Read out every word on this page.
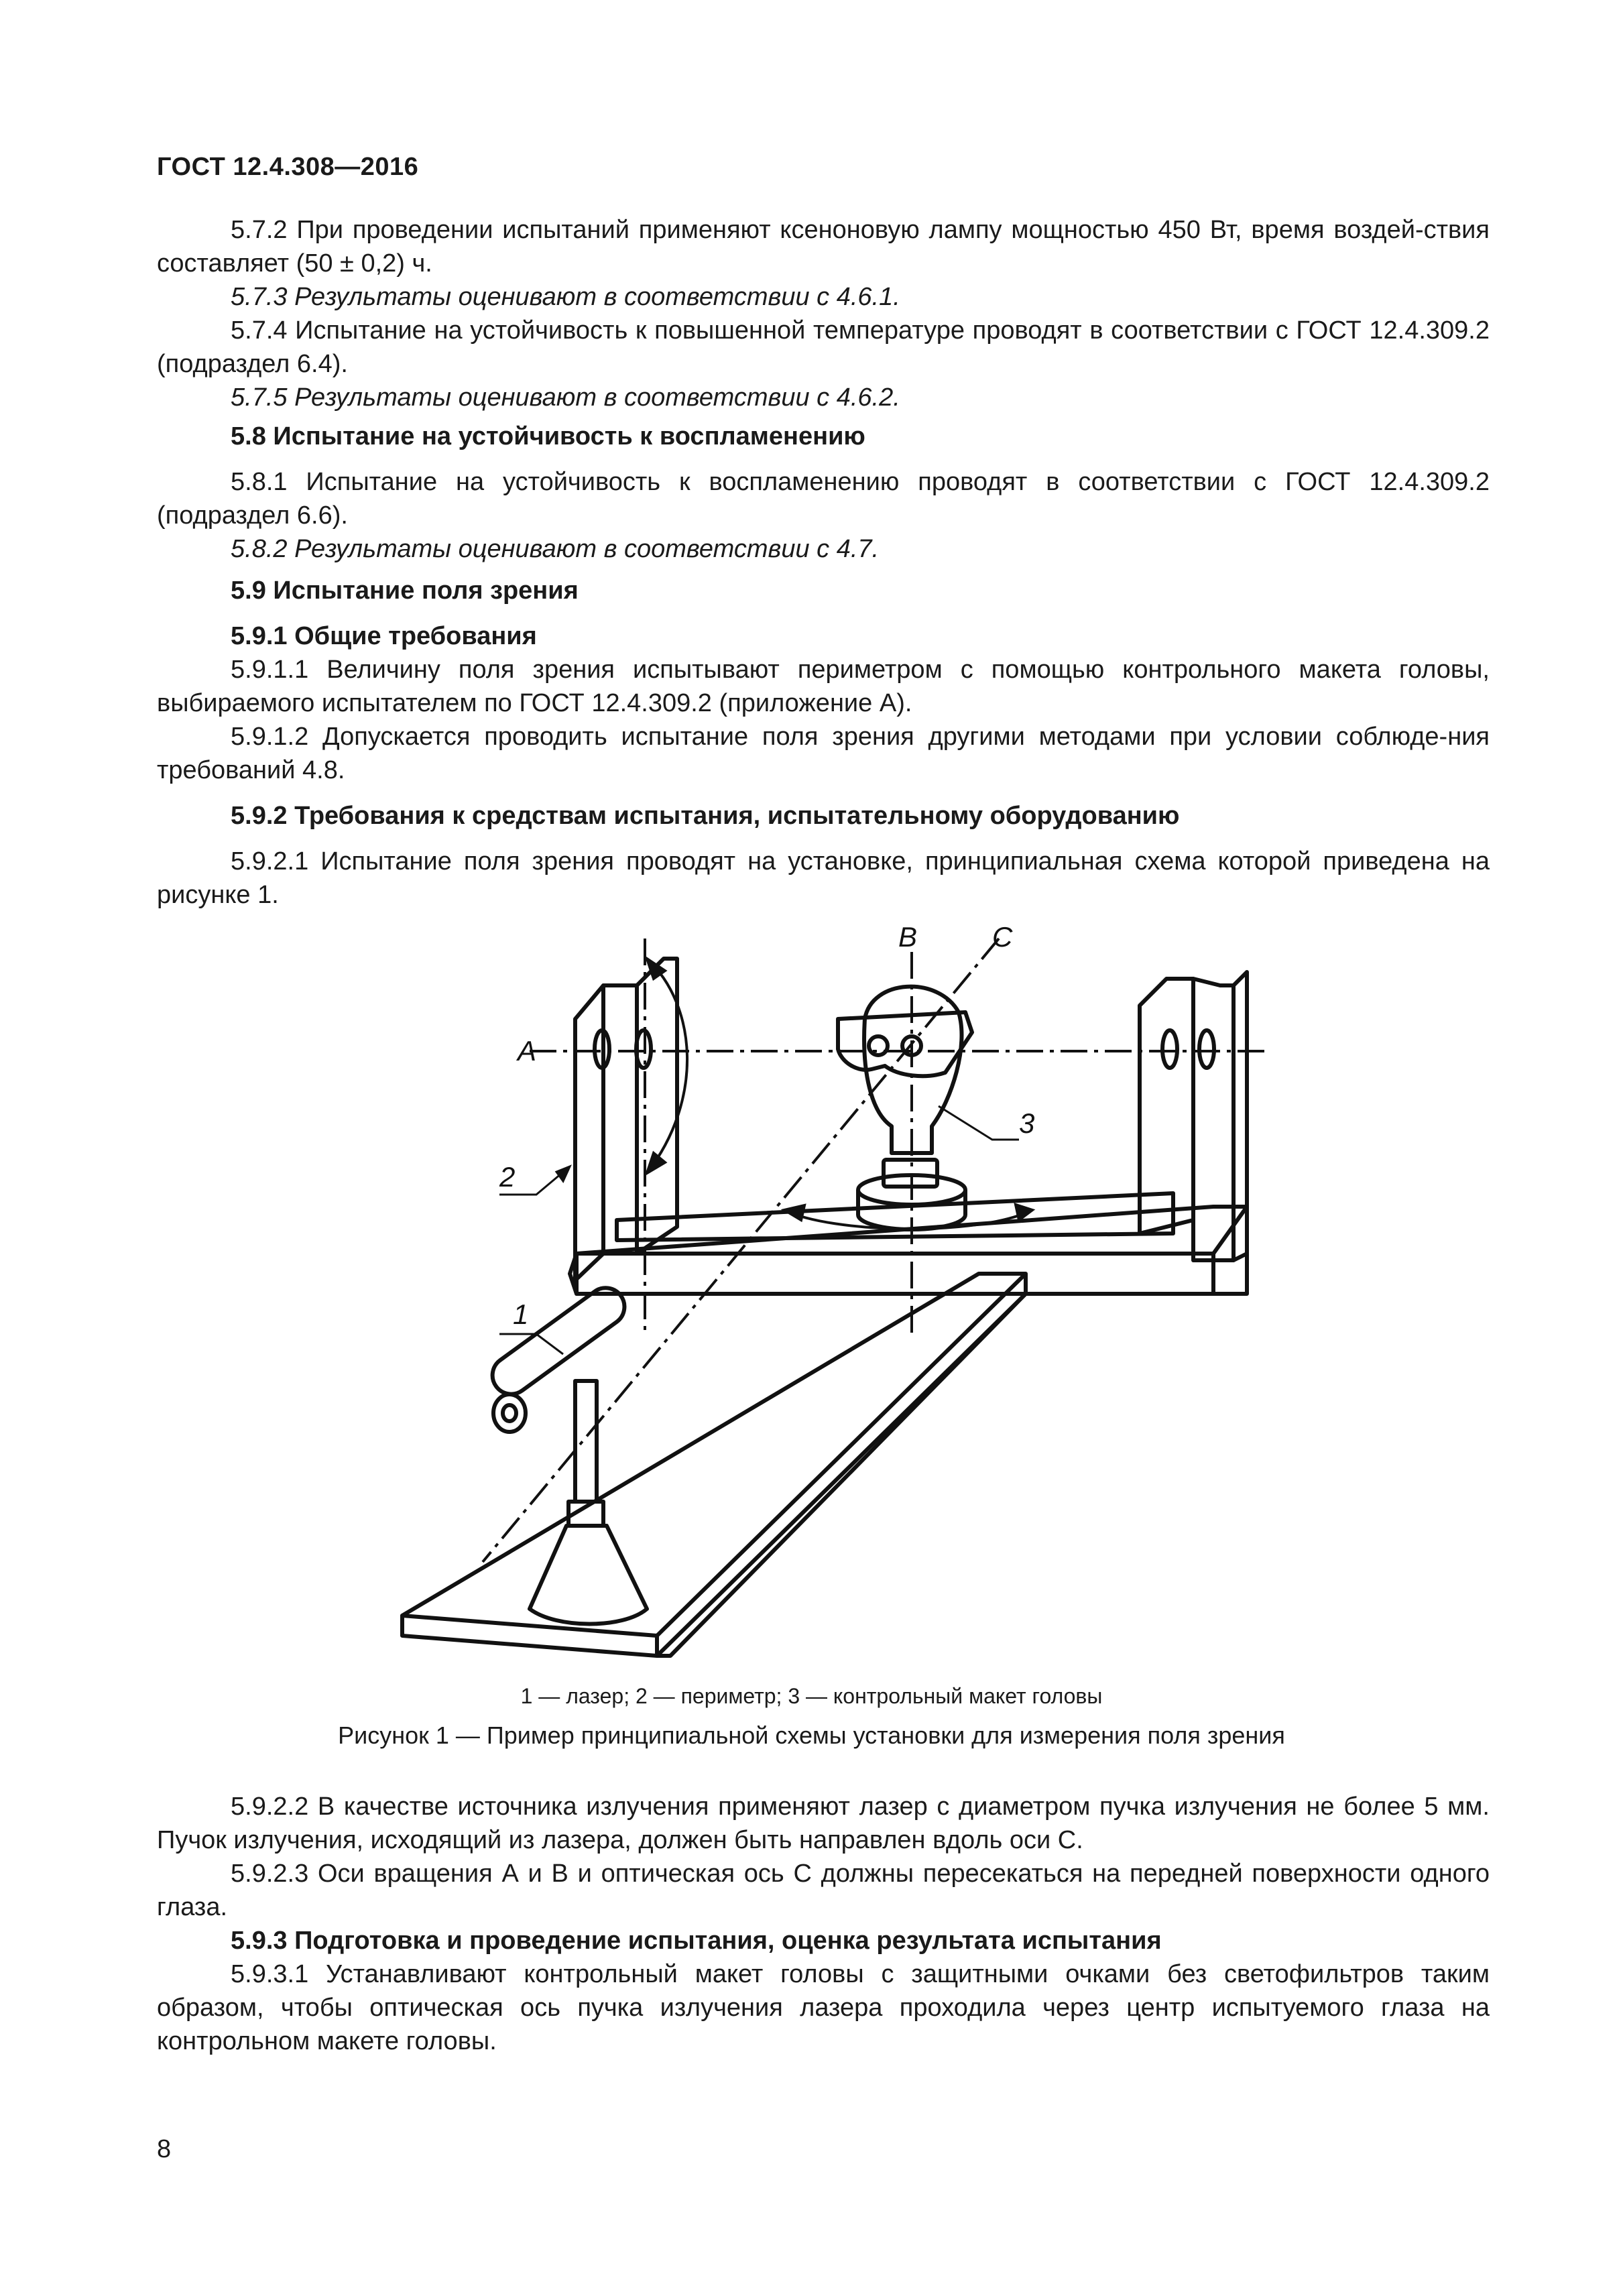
ГОСТ 12.4.308—2016

5.7.2 При проведении испытаний применяют ксеноновую лампу мощностью 450 Вт, время воздей-ствия составляет (50 ± 0,2) ч.

5.7.3 Результаты оценивают в соответствии с 4.6.1.

5.7.4 Испытание на устойчивость к повышенной температуре проводят в соответствии с ГОСТ 12.4.309.2 (подраздел 6.4).

5.7.5 Результаты оценивают в соответствии с 4.6.2.

5.8 Испытание на устойчивость к воспламенению

5.8.1 Испытание на устойчивость к воспламенению проводят в соответствии с ГОСТ 12.4.309.2 (подраздел 6.6).

5.8.2 Результаты оценивают в соответствии с 4.7.

5.9 Испытание поля зрения

5.9.1 Общие требования

5.9.1.1 Величину поля зрения испытывают периметром с помощью контрольного макета головы, выбираемого испытателем по ГОСТ 12.4.309.2 (приложение А).

5.9.1.2 Допускается проводить испытание поля зрения другими методами при условии соблюде-ния требований 4.8.

5.9.2 Требования к средствам испытания, испытательному оборудованию

5.9.2.1 Испытание поля зрения проводят на установке, принципиальная схема которой приведена на рисунке 1.

A
B	C
1
2
3
1 — лазер; 2 — периметр; 3 — контрольный макет головы
Рисунок 1 — Пример принципиальной схемы установки для измерения поля зрения

5.9.2.2 В качестве источника излучения применяют лазер с диаметром пучка излучения не более 5 мм. Пучок излучения, исходящий из лазера, должен быть направлен вдоль оси С.

5.9.2.3 Оси вращения А и В и оптическая ось С должны пересекаться на передней поверхности одного глаза.

5.9.3 Подготовка и проведение испытания, оценка результата испытания

5.9.3.1 Устанавливают контрольный макет головы с защитными очками без светофильтров таким образом, чтобы оптическая ось пучка излучения лазера проходила через центр испытуемого глаза на контрольном макете головы.

8
